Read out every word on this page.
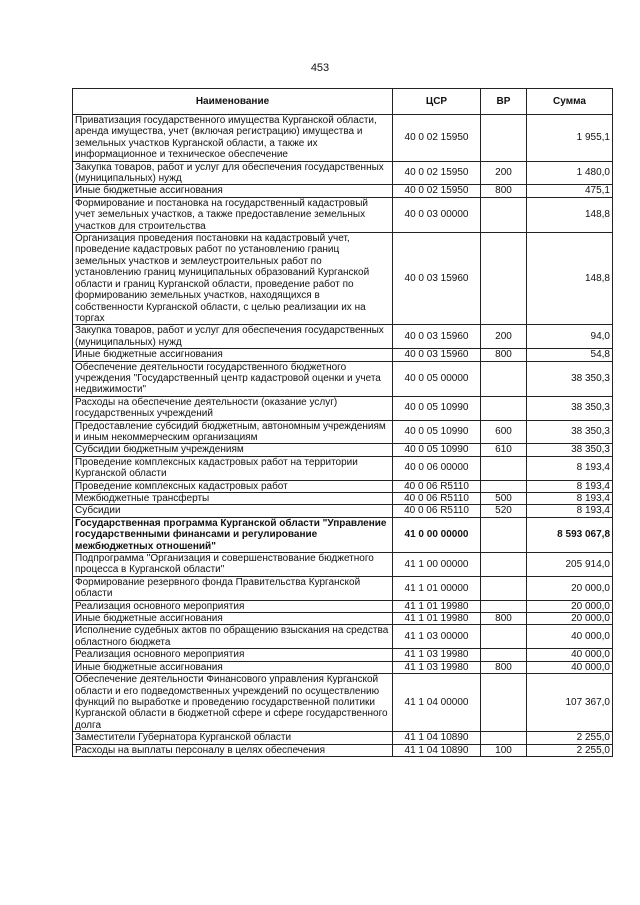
453
Наименование	ЦСР	ВР	Сумма
Приватизация государственного имущества Курганской области, аренда имущества, учет (включая регистрацию) имущества и земельных участков Курганской области, а также их информационное и техническое обеспечение	40 0 02 15950		1 955,1
Закупка товаров, работ и услуг для обеспечения государственных (муниципальных) нужд	40 0 02 15950	200	1 480,0
Иные бюджетные ассигнования	40 0 02 15950	800	475,1
Формирование и постановка на государственный кадастровый учет земельных участков, а также предоставление земельных участков для строительства	40 0 03 00000		148,8
Организация проведения постановки на кадастровый учет, проведение кадастровых работ по установлению границ земельных участков и землеустроительных работ по установлению границ муниципальных образований Курганской области и границ Курганской области, проведение работ по формированию земельных участков, находящихся в собственности Курганской области, с целью реализации их на торгах	40 0 03 15960		148,8
Закупка товаров, работ и услуг для обеспечения государственных (муниципальных) нужд	40 0 03 15960	200	94,0
Иные бюджетные ассигнования	40 0 03 15960	800	54,8
Обеспечение деятельности государственного бюджетного учреждения "Государственный центр кадастровой оценки и учета недвижимости"	40 0 05 00000		38 350,3
Расходы на обеспечение деятельности (оказание услуг) государственных учреждений	40 0 05 10990		38 350,3
Предоставление субсидий бюджетным, автономным учреждениям и иным некоммерческим организациям	40 0 05 10990	600	38 350,3
Субсидии бюджетным учреждениям	40 0 05 10990	610	38 350,3
Проведение комплексных кадастровых работ на территории Курганской области	40 0 06 00000		8 193,4
Проведение комплексных кадастровых работ	40 0 06 R5110		8 193,4
Межбюджетные трансферты	40 0 06 R5110	500	8 193,4
Субсидии	40 0 06 R5110	520	8 193,4
Государственная программа Курганской области "Управление государственными финансами и регулирование межбюджетных отношений"	41 0 00 00000		8 593 067,8
Подпрограмма "Организация и совершенствование бюджетного процесса в Курганской области"	41 1 00 00000		205 914,0
Формирование резервного фонда Правительства Курганской области	41 1 01 00000		20 000,0
Реализация основного мероприятия	41 1 01 19980		20 000,0
Иные бюджетные ассигнования	41 1 01 19980	800	20 000,0
Исполнение судебных актов по обращению взыскания на средства областного бюджета	41 1 03 00000		40 000,0
Реализация основного мероприятия	41 1 03 19980		40 000,0
Иные бюджетные ассигнования	41 1 03 19980	800	40 000,0
Обеспечение деятельности Финансового управления Курганской области и его подведомственных учреждений по осуществлению функций по выработке и проведению государственной политики Курганской области в бюджетной сфере и сфере государственного долга	41 1 04 00000		107 367,0
Заместители Губернатора Курганской области	41 1 04 10890		2 255,0
Расходы на выплаты персоналу в целях обеспечения	41 1 04 10890	100	2 255,0
